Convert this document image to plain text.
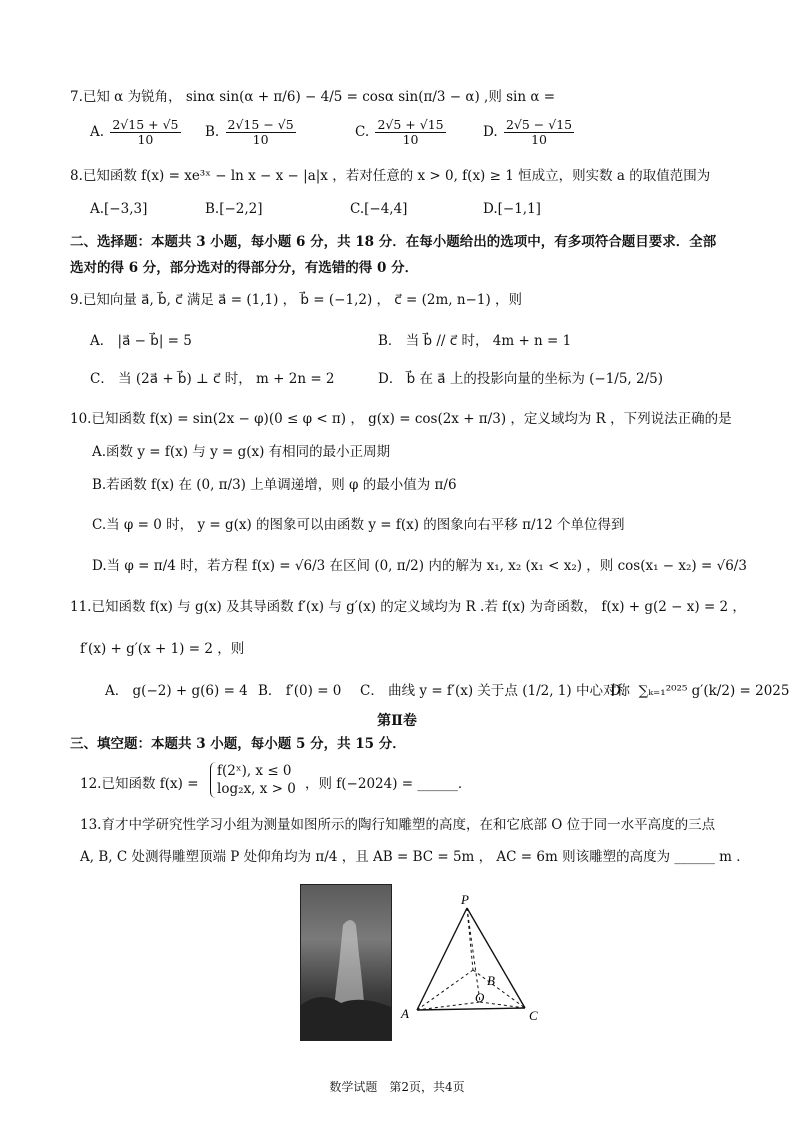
7.已知 α 为锐角， sinα sin(α + π/6) − 4/5 = cosα sin(π/3 − α) ,则 sin α =
A. $\frac{2√15 + √5}{10} B$. $\frac{2√15 - √5}{10}$	C. $\frac{2√5 + √15}{10}$	D. $\frac{2√5 - √15}{10}$
8.已知函数 f(x) = xe³ˣ − ln x − x − |a|x ，若对任意的 x > 0, f(x) ≥ 1 恒成立，则实数 a 的取值范围为
A.[−3,3]	B.[−2,2]	C.[−4,4]	D.[−1,1]
二、选择题：本题共 3 小题，每小题 6 分，共 18 分．在每小题给出的选项中，有多项符合题目要求．全部
选对的得 6 分，部分选对的得部分分，有选错的得 0 分．
9.已知向量 a⃗, b⃗, c⃗ 满足 a⃗ = (1,1) ， b⃗ = (−1,2) ， c⃗ = (2m, n−1) ，则
A． |a⃗ − b⃗| = 5	B． 当 b⃗ // c⃗ 时， 4m + n = 1
C． 当 (2a⃗ + b⃗) ⊥ c⃗ 时， m + 2n = 2	D． b⃗ 在 a⃗ 上的投影向量的坐标为 (−1/5, 2/5)
10.已知函数 f(x) = sin(2x − φ)(0 ≤ φ < π) ， g(x) = cos(2x + π/3) ，定义域均为 R ，下列说法正确的是
A.函数 y = f(x) 与 y = g(x) 有相同的最小正周期
B.若函数 f(x) 在 (0, π/3) 上单调递增，则 φ 的最小值为 π/6
C.当 φ = 0 时， y = g(x) 的图象可以由函数 y = f(x) 的图象向右平移 π/12 个单位得到
D.当 φ = π/4 时，若方程 f(x) = √6/3 在区间 (0, π/2) 内的解为 x₁, x₂ (x₁ < x₂) ，则 cos(x₁ − x₂) = √6/3
11.已知函数 f(x) 与 g(x) 及其导函数 f′(x) 与 g′(x) 的定义域均为 R .若 f(x) 为奇函数， f(x) + g(2 − x) = 2 ，
f′(x) + g′(x + 1) = 2 ，则
A． g(−2) + g(6) = 4 B． f′(0) = 0 C． 曲线 y = f′(x) 关于点 (1/2, 1) 中心对称
D． ∑ₖ₌₁²⁰²⁵ g′(k/2) = 2025
第Ⅱ卷
三、填空题：本题共 3 小题，每小题 5 分，共 15 分．
12.已知函数 f(x) =
f(2ˣ), x ≤ 0
log₂x, x > 0 ，则 f(−2024) = ______．
13.育才中学研究性学习小组为测量如图所示的陶行知雕塑的高度，在和它底部 O 位于同一水平高度的三点
A, B, C 处测得雕塑顶端 P 处仰角均为 π/4 ，且 AB = BC = 5m ， AC = 6m 则该雕塑的高度为 ______ m ．
P
A
B
C
O
数学试题　第2页，共4页
